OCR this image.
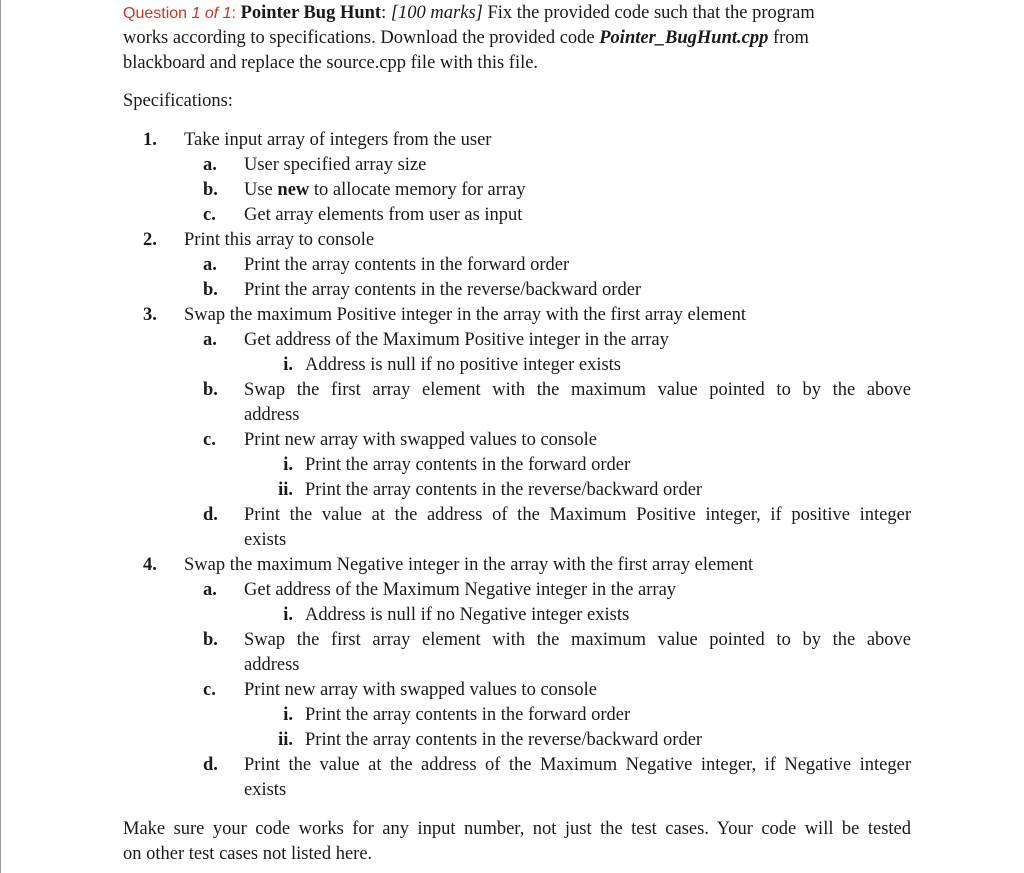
Question 1 of 1: Pointer Bug Hunt: [100 marks] Fix the provided code such that the program
works according to specifications. Download the provided code Pointer_BugHunt.cpp from
blackboard and replace the source.cpp file with this file.
Specifications:
1.	Take input array of integers from the user
a.	User specified array size
b.	Use new to allocate memory for array
c.	Get array elements from user as input
2.	Print this array to console
a.	Print the array contents in the forward order
b.	Print the array contents in the reverse/backward order
3.	Swap the maximum Positive integer in the array with the first array element
a.	Get address of the Maximum Positive integer in the array
i. Address is null if no positive integer exists
b.	Swap the first array element with the maximum value pointed to by the above
address
c.	Print new array with swapped values to console
i. Print the array contents in the forward order
ii. Print the array contents in the reverse/backward order
d.	Print the value at the address of the Maximum Positive integer, if positive integer
exists
4.	Swap the maximum Negative integer in the array with the first array element
a.	Get address of the Maximum Negative integer in the array
i. Address is null if no Negative integer exists
b.	Swap the first array element with the maximum value pointed to by the above
address
c.	Print new array with swapped values to console
i. Print the array contents in the forward order
ii. Print the array contents in the reverse/backward order
d.	Print the value at the address of the Maximum Negative integer, if Negative integer
exists
Make sure your code works for any input number, not just the test cases. Your code will be tested
on other test cases not listed here.
